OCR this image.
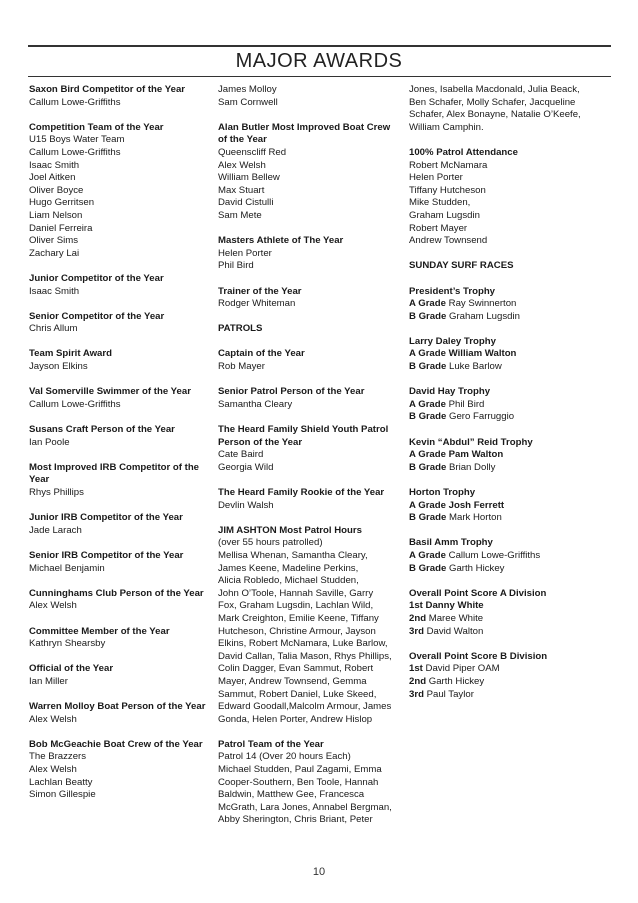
MAJOR AWARDS
Saxon Bird Competitor of the Year
Callum Lowe-Griffiths
Competition Team of the Year
U15 Boys Water Team
Callum Lowe-Griffiths
Isaac Smith
Joel Aitken
Oliver Boyce
Hugo Gerritsen
Liam Nelson
Daniel Ferreira
Oliver Sims
Zachary Lai
Junior Competitor of the Year
Isaac Smith
Senior Competitor of the Year
Chris Allum
Team Spirit Award
Jayson Elkins
Val Somerville Swimmer of the Year
Callum Lowe-Griffiths
Susans Craft Person of the Year
Ian Poole
Most Improved IRB Competitor of the Year
Rhys Phillips
Junior IRB Competitor of the Year
Jade Larach
Senior IRB Competitor of the Year
Michael Benjamin
Cunninghams Club Person of the Year
Alex Welsh
Committee Member of the Year
Kathryn Shearsby
Official of the Year
Ian Miller
Warren Molloy Boat Person of the Year
Alex Welsh
Bob McGeachie Boat Crew of the Year
The Brazzers
Alex Welsh
Lachlan Beatty
Simon Gillespie
James Molloy
Sam Cornwell
Alan Butler Most Improved Boat Crew of the Year
Queenscliff Red
Alex Welsh
William Bellew
Max Stuart
David Cistulli
Sam Mete
Masters Athlete of The Year
Helen Porter
Phil Bird
Trainer of the Year
Rodger Whiteman
PATROLS
Captain of the Year
Rob Mayer
Senior Patrol Person of the Year
Samantha Cleary
The Heard Family Shield Youth Patrol Person of the Year
Cate Baird
Georgia Wild
The Heard Family Rookie of the Year
Devlin Walsh
JIM ASHTON Most Patrol Hours
(over 55 hours patrolled)
Mellisa Whenan, Samantha Cleary,
James Keene, Madeline Perkins,
Alicia Robledo, Michael Studden,
John O’Toole, Hannah Saville, Garry
Fox, Graham Lugsdin, Lachlan Wild,
Mark Creighton, Emilie Keene, Tiffany
Hutcheson, Christine Armour, Jayson
Elkins, Robert McNamara, Luke Barlow,
David Callan, Talia Mason, Rhys Phillips,
Colin Dagger, Evan Sammut, Robert
Mayer, Andrew Townsend, Gemma
Sammut, Robert Daniel, Luke Skeed,
Edward Goodall,Malcolm Armour, James
Gonda, Helen Porter, Andrew Hislop
Patrol Team of the Year
Patrol 14 (Over 20 hours Each)
Michael Studden, Paul Zagami, Emma
Cooper-Southern, Ben Toole, Hannah
Baldwin, Matthew Gee, Francesca
McGrath, Lara Jones, Annabel Bergman,
Abby Sherington, Chris Briant, Peter
Jones, Isabella Macdonald, Julia Beack,
Ben Schafer, Molly Schafer, Jacqueline
Schafer, Alex Bonayne, Natalie O’Keefe,
William Camphin.
100% Patrol Attendance
Robert McNamara
Helen Porter
Tiffany Hutcheson
Mike Studden,
Graham Lugsdin
Robert Mayer
Andrew Townsend
SUNDAY SURF RACES
President’s Trophy
A Grade Ray Swinnerton
B Grade Graham Lugsdin
Larry Daley Trophy
A Grade William Walton
B Grade Luke Barlow
David Hay Trophy
A Grade Phil Bird
B Grade Gero Farruggio
Kevin “Abdul” Reid Trophy
A Grade Pam Walton
B Grade Brian Dolly
Horton Trophy
A Grade Josh Ferrett
B Grade Mark Horton
Basil Amm Trophy
A Grade Callum Lowe-Griffiths
B Grade Garth Hickey
Overall Point Score A Division
1st Danny White
2nd Maree White
3rd David Walton
Overall Point Score B Division
1st David Piper OAM
2nd Garth Hickey
3rd Paul Taylor
10
